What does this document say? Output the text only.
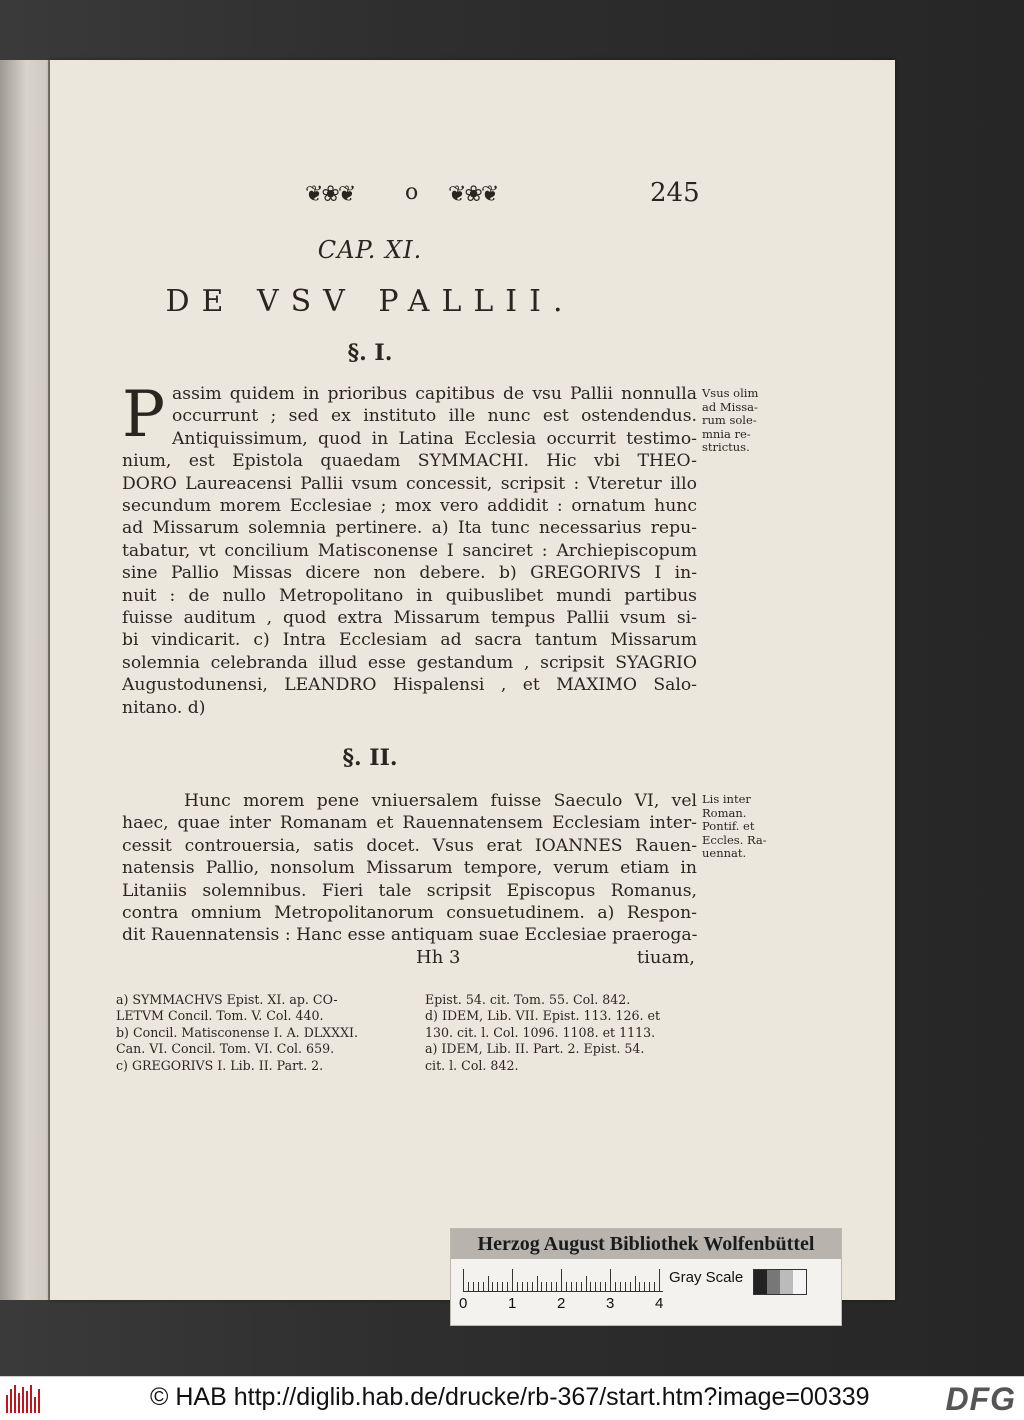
❦❀❦ o ❦❀❦	245
CAP. XI.
DE VSV PALLII.
§. I.
P assim quidem in prioribus capitibus de vsu Pallii nonnulla
occurrunt ; sed ex instituto ille nunc est ostendendus.
Antiquissimum, quod in Latina Ecclesia occurrit testimo-
nium, est Epistola quaedam SYMMACHI. Hic vbi THEO-
DORO Laureacensi Pallii vsum concessit, scripsit : Vteretur illo
secundum morem Ecclesiae ; mox vero addidit : ornatum hunc
ad Missarum solemnia pertinere. a) Ita tunc necessarius repu-
tabatur, vt concilium Matisconense I sanciret : Archiepiscopum
sine Pallio Missas dicere non debere. b) GREGORIVS I in-
nuit : de nullo Metropolitano in quibuslibet mundi partibus
fuisse auditum , quod extra Missarum tempus Pallii vsum si-
bi vindicarit. c) Intra Ecclesiam ad sacra tantum Missarum
solemnia celebranda illud esse gestandum , scripsit SYAGRIO
Augustodunensi, LEANDRO Hispalensi , et MAXIMO Salo-
nitano. d)
Vsus olim
ad Missa-
rum sole-
mnia re-
strictus.
§. II.
Hunc morem pene vniuersalem fuisse Saeculo VI, vel
haec, quae inter Romanam et Rauennatensem Ecclesiam inter-
cessit controuersia, satis docet. Vsus erat IOANNES Rauen-
natensis Pallio, nonsolum Missarum tempore, verum etiam in
Litaniis solemnibus. Fieri tale scripsit Episcopus Romanus,
contra omnium Metropolitanorum consuetudinem. a) Respon-
dit Rauennatensis : Hanc esse antiquam suae Ecclesiae praeroga-
Lis inter
Roman.
Pontif. et
Eccles. Ra-
uennat.
Hh 3	tiuam,
a) SYMMACHVS Epist. XI. ap. CO-
LETVM Concil. Tom. V. Col. 440.
b) Concil. Matisconense I. A. DLXXXI.
Can. VI. Concil. Tom. VI. Col. 659.
c) GREGORIVS I. Lib. II. Part. 2.
Epist. 54. cit. Tom. 55. Col. 842.
d) IDEM, Lib. VII. Epist. 113. 126. et
130. cit. l. Col. 1096. 1108. et 1113.
a) IDEM, Lib. II. Part. 2. Epist. 54.
cit. l. Col. 842.
Herzog August Bibliothek Wolfenbüttel
0	1	2	3	4
Gray Scale
© HAB http://diglib.hab.de/drucke/rb-367/start.htm?image=00339 DFG
